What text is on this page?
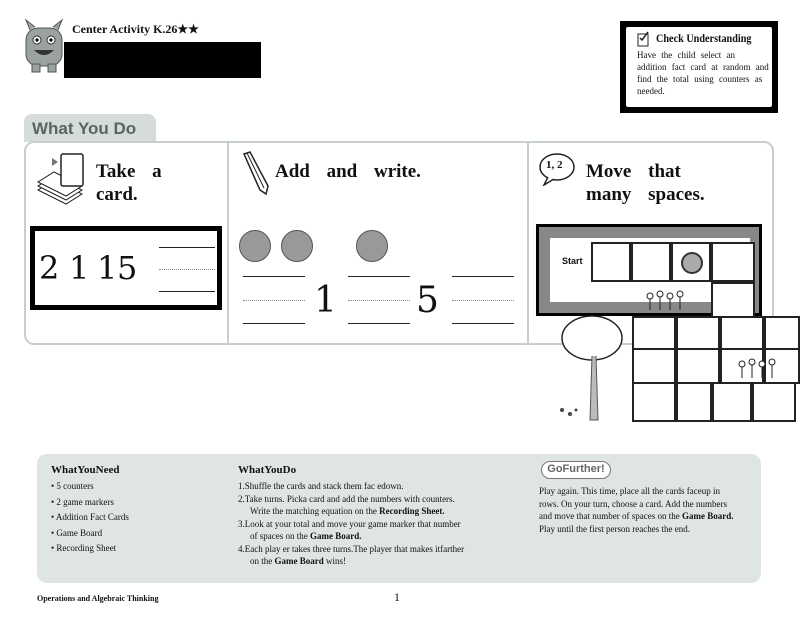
Center Activity K.26★★
Check Understanding
Have the child select an addition fact card at random and find the total using counters as needed.
What You Do
Take a
card.
2 1 1 5
Add and write.
1 5
1, 2 Move that
many spaces.
Start
WhatYouNeed
• 5 counters
• 2 game markers
• Addition Fact Cards
• Game Board
• Recording Sheet
WhatYouDo
1.Shuffle the cards and stack them fac edown.
2.Take turns. Picka card and add the numbers with counters.
Write the matching equation on the Recording Sheet.
3.Look at your total and move your game marker that number
of spaces on the Game Board.
4.Each play er takes three turns.The player that makes itfarther
on the Game Board wins!
GoFurther!
Play again. This time, place all the cards faceup in rows. On your turn, choose a card. Add the numbers and move that number of spaces on the Game Board. Play until the first person reaches the end.
Operations and Algebraic Thinking	1
